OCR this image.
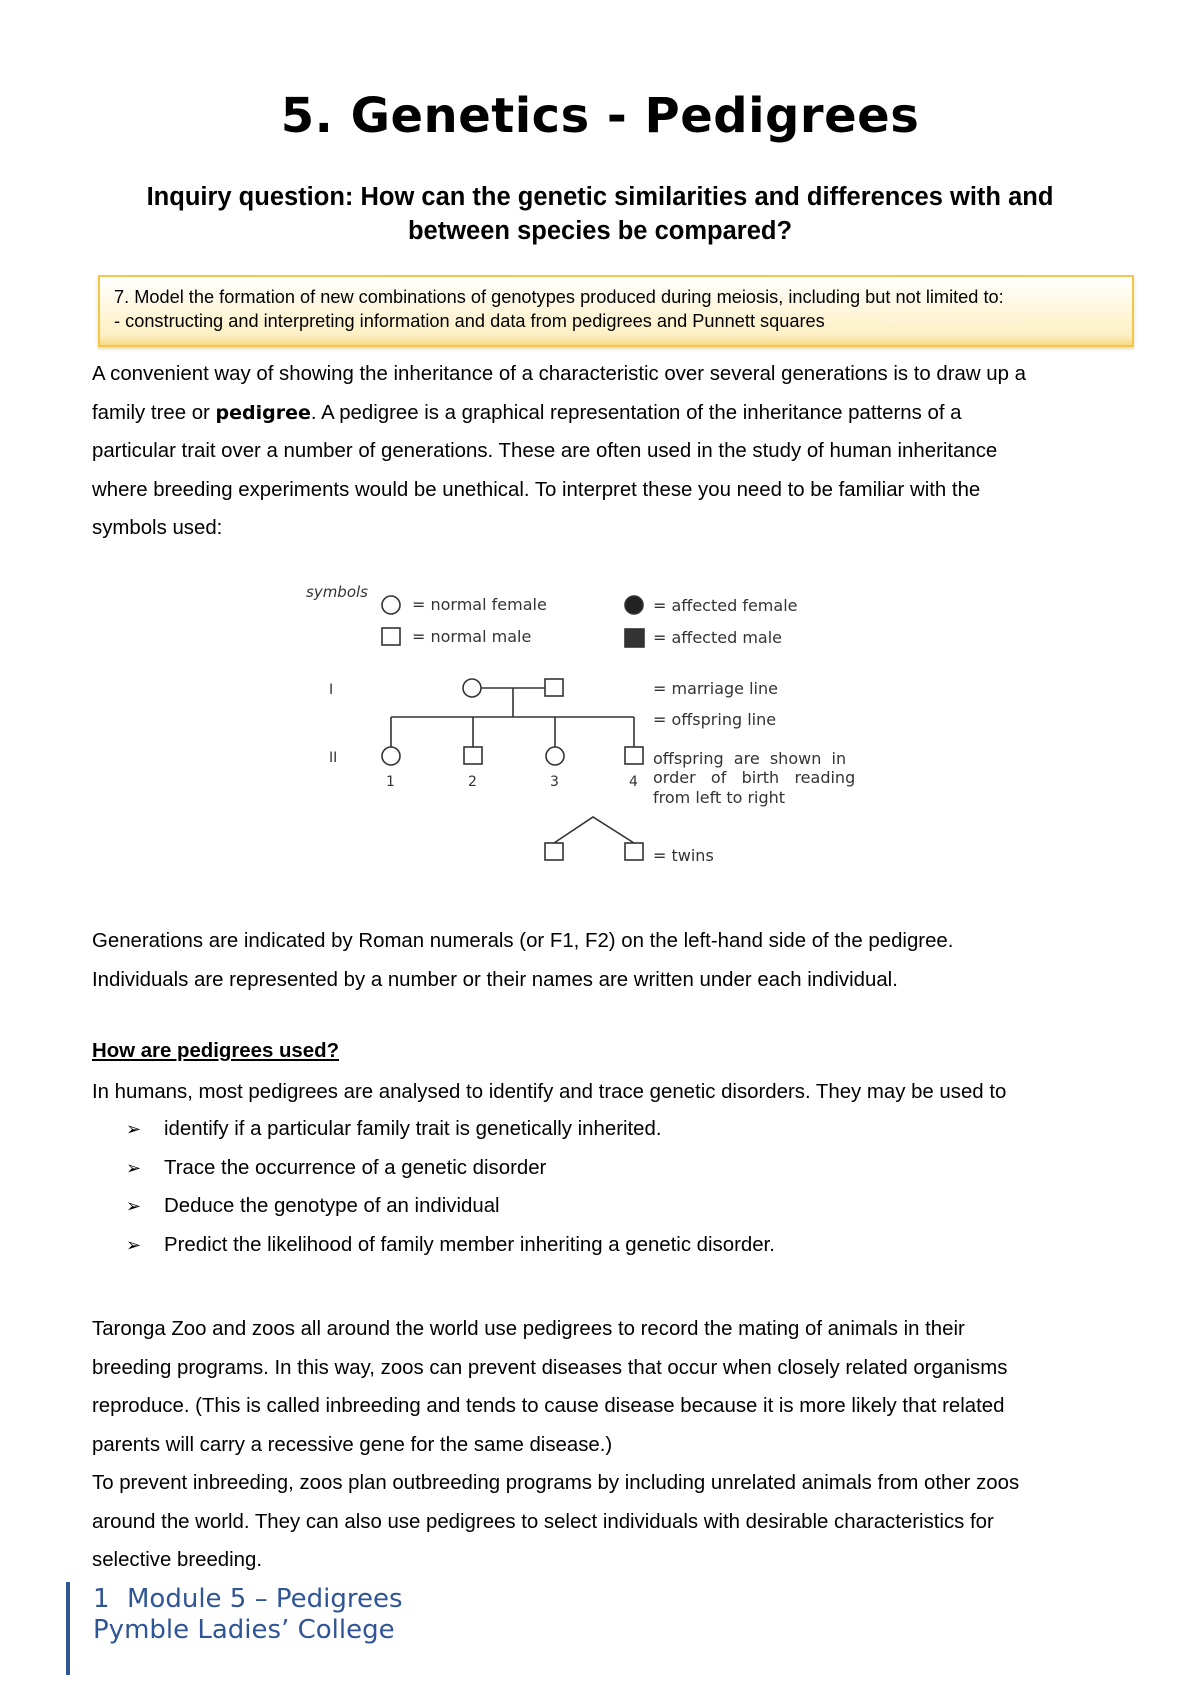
5. Genetics - Pedigrees
Inquiry question: How can the genetic similarities and differences with and
between species be compared?
7. Model the formation of new combinations of genotypes produced during meiosis, including but not limited to:
- constructing and interpreting information and data from pedigrees and Punnett squares
A convenient way of showing the inheritance of a characteristic over several generations is to draw up a
family tree or pedigree. A pedigree is a graphical representation of the inheritance patterns of a
particular trait over a number of generations. These are often used in the study of human inheritance
where breeding experiments would be unethical. To interpret these you need to be familiar with the
symbols used:
symbols
= normal female
= normal male
= affected female
= affected male
= marriage line
= offspring line
I
II
1	2	3	4
offspring  are  shown  in
order   of   birth   reading
from left to right
= twins
Generations are indicated by Roman numerals (or F1, F2) on the left-hand side of the pedigree.
Individuals are represented by a number or their names are written under each individual.
How are pedigrees used?
In humans, most pedigrees are analysed to identify and trace genetic disorders. They may be used to
➢ identify if a particular family trait is genetically inherited.
➢ Trace the occurrence of a genetic disorder
➢ Deduce the genotype of an individual
➢ Predict the likelihood of family member inheriting a genetic disorder.
Taronga Zoo and zoos all around the world use pedigrees to record the mating of animals in their
breeding programs. In this way, zoos can prevent diseases that occur when closely related organisms
reproduce. (This is called inbreeding and tends to cause disease because it is more likely that related
parents will carry a recessive gene for the same disease.)
To prevent inbreeding, zoos plan outbreeding programs by including unrelated animals from other zoos
around the world. They can also use pedigrees to select individuals with desirable characteristics for
selective breeding.
1 Module 5 – Pedigrees
Pymble Ladies’ College
